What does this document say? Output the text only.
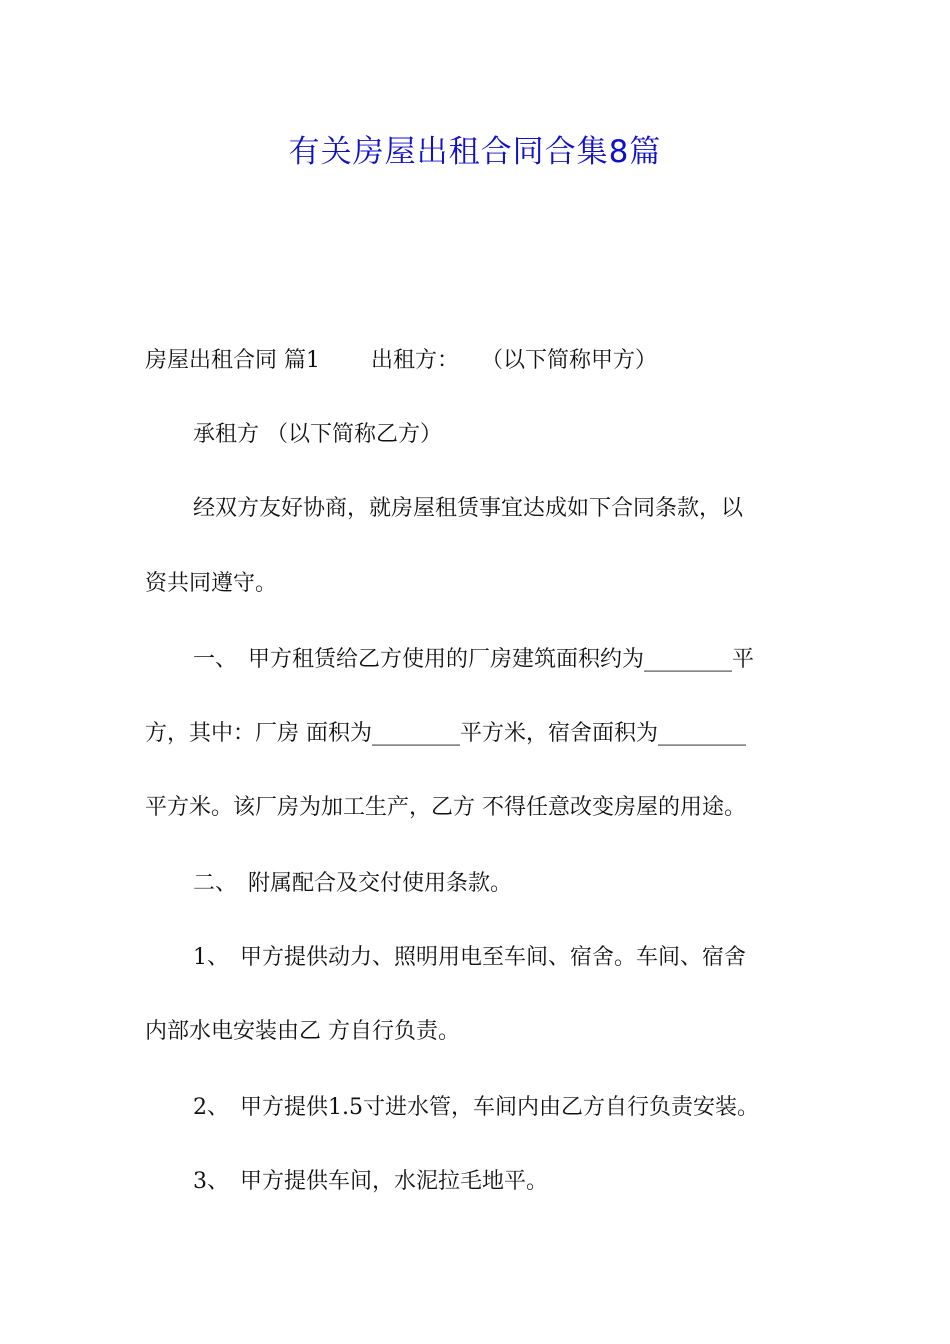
有关房屋出租合同合集8篇
房屋出租合同 篇1　　 出租方：　　（以下简称甲方）
承租方 （以下简称乙方）
经双方友好协商，就房屋租赁事宜达成如下合同条款，以
资共同遵守。
一、　甲方租赁给乙方使用的厂房建筑面积约为________平
方，其中：厂房 面积为________平方米，宿舍面积为________
平方米。该厂房为加工生产，乙方 不得任意改变房屋的用途。
二、　附属配合及交付使用条款。
1、　甲方提供动力、照明用电至车间、宿舍。车间、宿舍
内部水电安装由乙 方自行负责。
2、　甲方提供1.5寸进水管，车间内由乙方自行负责安装。
3、　甲方提供车间，水泥拉毛地平。
